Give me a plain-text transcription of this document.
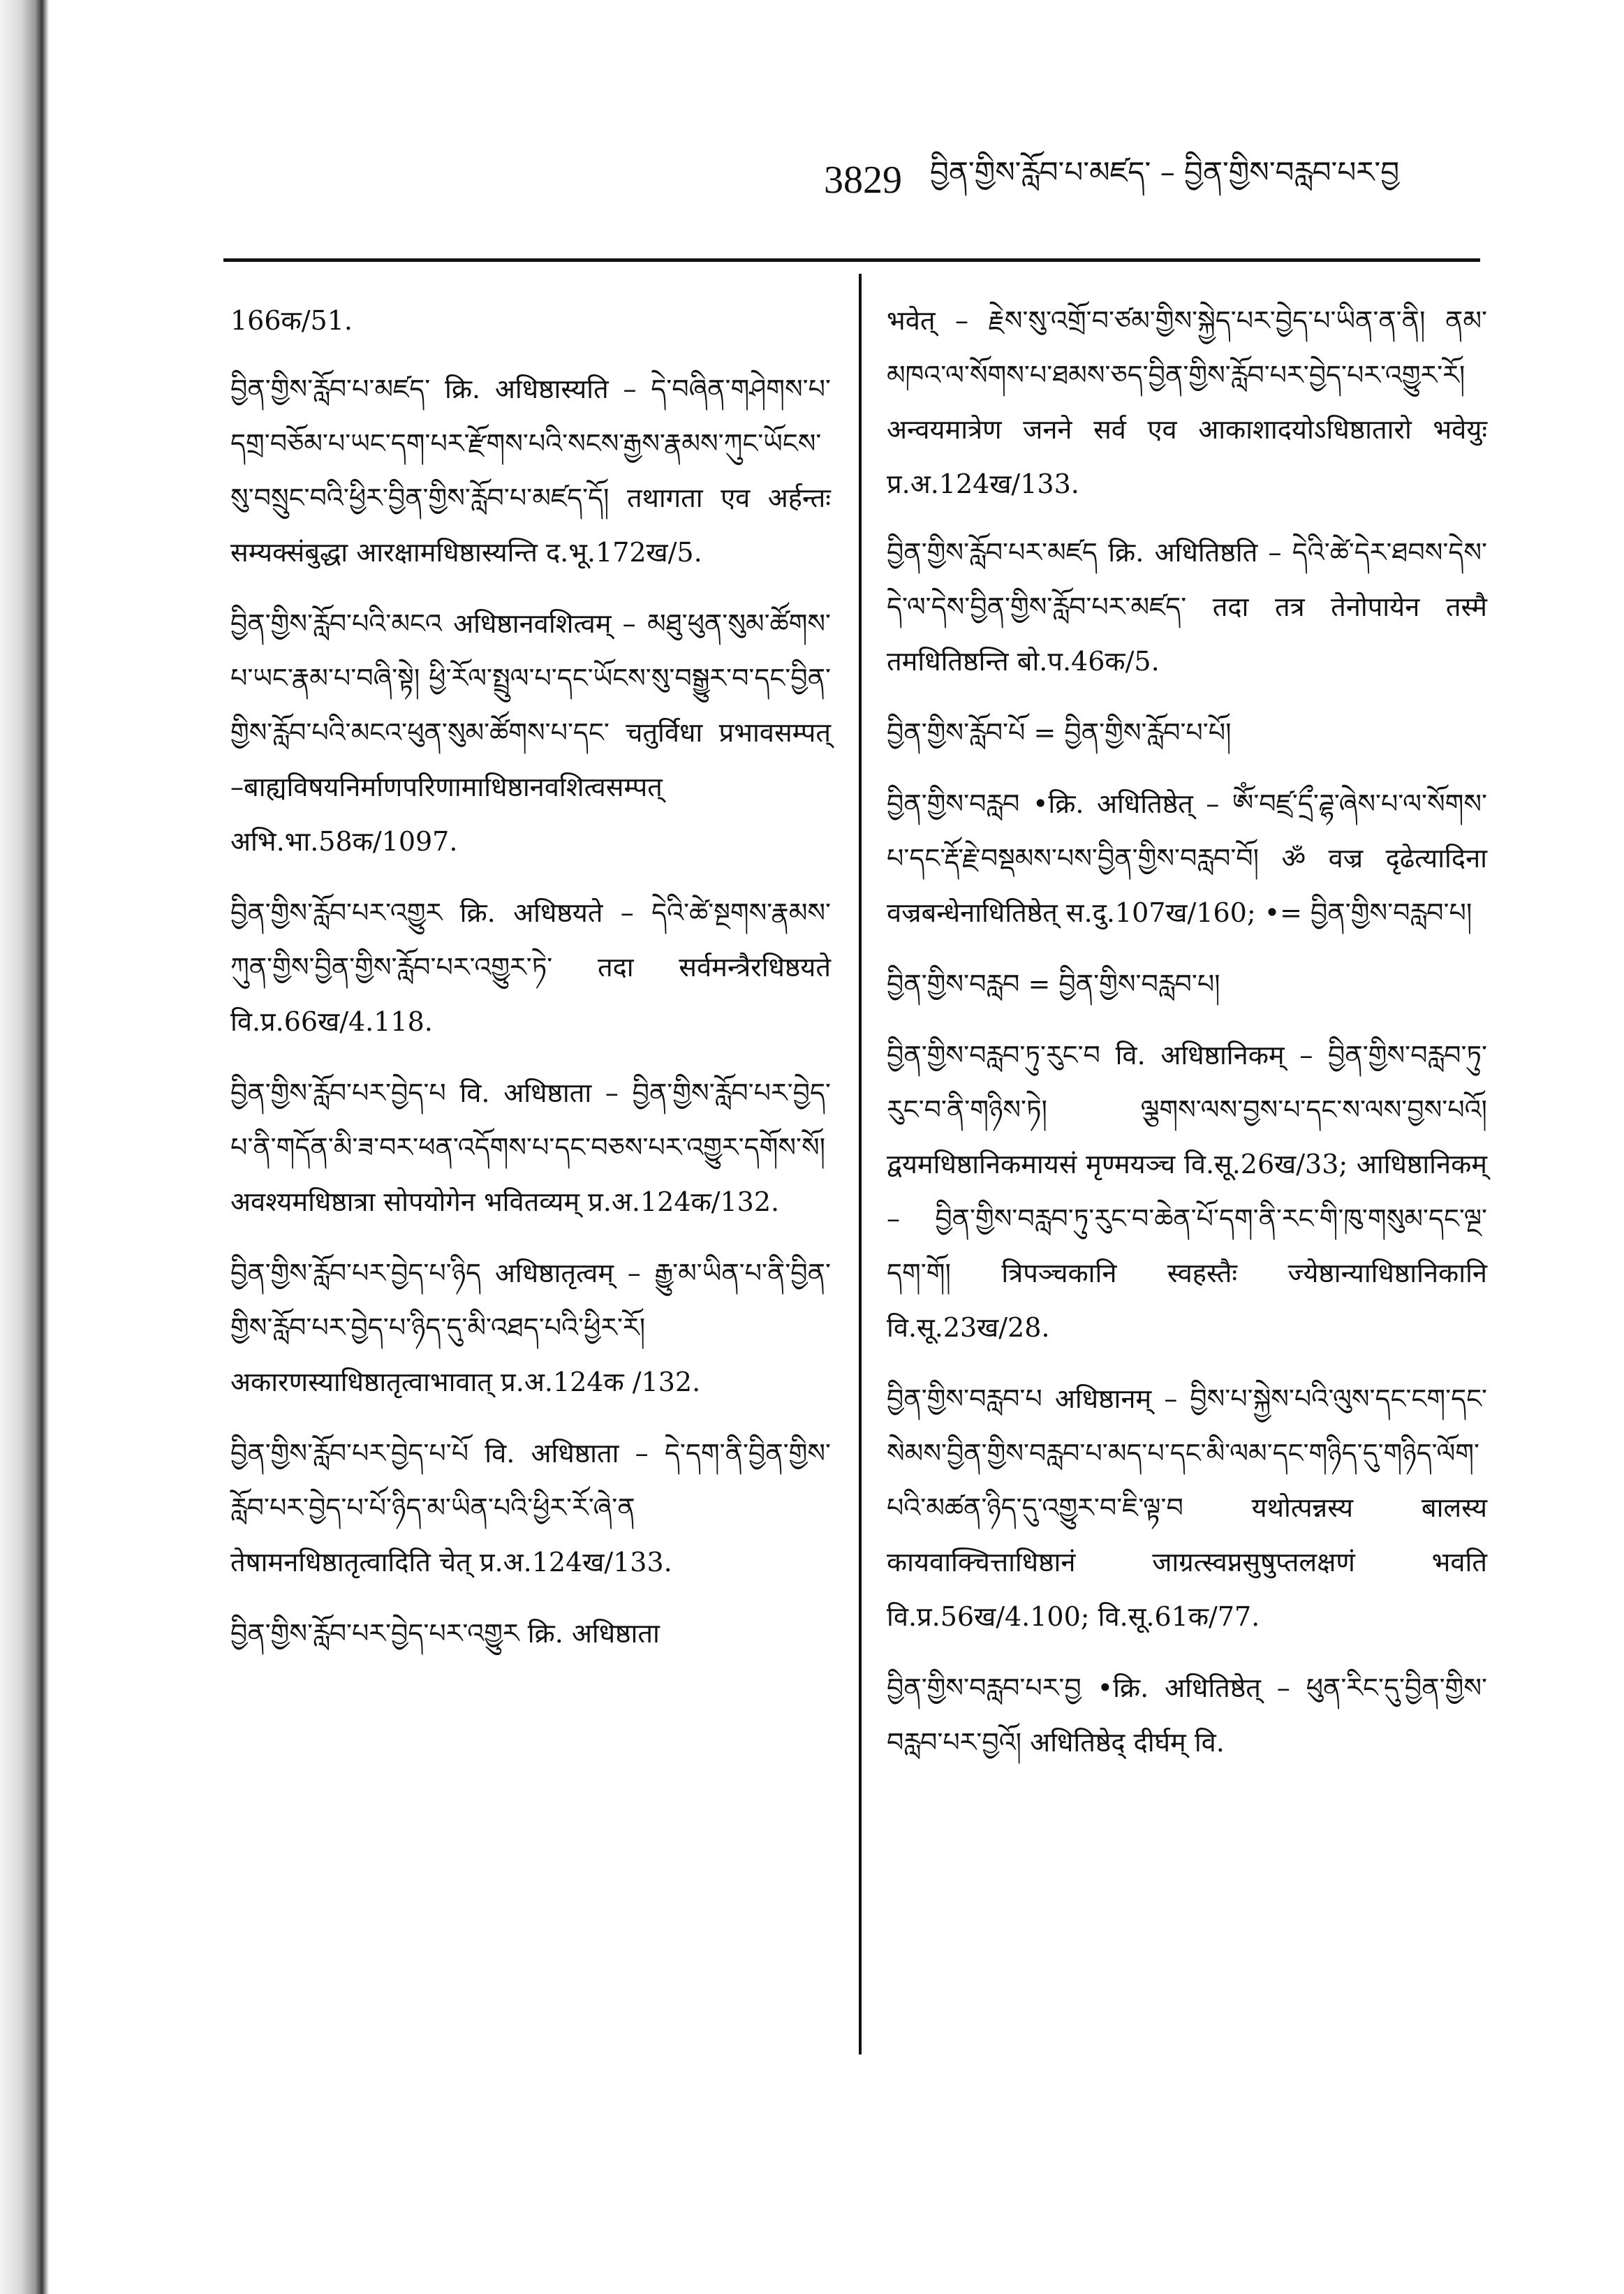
3829 བྱིན་གྱིས་རློབ་པ་མཛད་ – བྱིན་གྱིས་བརླབ་པར་བྱ

166क/51.

བྱིན་གྱིས་རློབ་པ་མཛད་ क्रि. अधिष्ठास्यति – དེ་བཞིན་གཤེགས་པ་དགྲ་བཅོམ་པ་ཡང་དག་པར་རྫོགས་པའི་སངས་རྒྱས་རྣམས་ཀུང་ཡོངས་སུ་བསྲུང་བའི་ཕྱིར་བྱིན་གྱིས་རློབ་པ་མཛད་དོ། तथागता एव अर्हन्तः सम्यक्संबुद्धा आरक्षामधिष्ठास्यन्ति द.भू.172ख/5.

བྱིན་གྱིས་རློབ་པའི་མངའ अधिष्ठानवशित्वम् – མཐུ་ཕུན་སུམ་ཚོགས་པ་ཡང་རྣམ་པ་བཞི་སྟེ། ཕྱི་རོལ་སྤྲུལ་པ་དང་ཡོངས་སུ་བསྒྱུར་བ་དང་བྱིན་གྱིས་རློབ་པའི་མངའ་ཕུན་སུམ་ཚོགས་པ་དང་ चतुर्विधा प्रभावसम्पत् –बाह्यविषयनिर्माणपरिणामाधिष्ठानवशित्वसम्पत् अभि.भा.58क/1097.

བྱིན་གྱིས་རློབ་པར་འགྱུར क्रि. अधिष्ठयते – དེའི་ཚེ་སྔགས་རྣམས་ཀུན་གྱིས་བྱིན་གྱིས་རློབ་པར་འགྱུར་ཏེ་ तदा सर्वमन्त्रैरधिष्ठयते वि.प्र.66ख/4.118.

བྱིན་གྱིས་རློབ་པར་བྱེད་པ वि. अधिष्ठाता – བྱིན་གྱིས་རློབ་པར་བྱེད་པ་ནི་གདོན་མི་ཟ་བར་ཕན་འདོགས་པ་དང་བཅས་པར་འགྱུར་དགོས་སོ། अवश्यमधिष्ठात्रा सोपयोगेन भवितव्यम् प्र.अ.124क/132.

བྱིན་གྱིས་རློབ་པར་བྱེད་པ་ཉིད अधिष्ठातृत्वम् – རྒྱུ་མ་ཡིན་པ་ནི་བྱིན་གྱིས་རློབ་པར་བྱེད་པ་ཉིད་དུ་མི་འཐད་པའི་ཕྱིར་རོ། अकारणस्याधिष्ठातृत्वाभावात् प्र.अ.124क /132.

བྱིན་གྱིས་རློབ་པར་བྱེད་པ་པོ वि. अधिष्ठाता – དེ་དག་ནི་བྱིན་གྱིས་རློབ་པར་བྱེད་པ་པོ་ཉིད་མ་ཡིན་པའི་ཕྱིར་རོ་ཞེ་ན तेषामनधिष्ठातृत्वादिति चेत् प्र.अ.124ख/133.

བྱིན་གྱིས་རློབ་པར་བྱེད་པར་འགྱུར क्रि. अधिष्ठाता

भवेत् – རྗེས་སུ་འགྲོ་བ་ཙམ་གྱིས་སྐྱེད་པར་བྱེད་པ་ཡིན་ན་ནི། ནམ་མཁའ་ལ་སོགས་པ་ཐམས་ཅད་བྱིན་གྱིས་རློབ་པར་བྱེད་པར་འགྱུར་རོ། अन्वयमात्रेण जनने सर्व एव आकाशादयोऽधिष्ठातारो भवेयुः प्र.अ.124ख/133.

བྱིན་གྱིས་རློབ་པར་མཛད क्रि. अधितिष्ठति – དེའི་ཚེ་དེར་ཐབས་དེས་དེ་ལ་དེས་བྱིན་གྱིས་རློབ་པར་མཛད་ तदा तत्र तेनोपायेन तस्मै तमधितिष्ठन्ति बो.प.46क/5.

བྱིན་གྱིས་རློབ་པོ = བྱིན་གྱིས་རློབ་པ་པོ།

བྱིན་གྱིས་བརླབ •क्रि. अधितिष्ठेत् – ཨོཾ་བཛྲ་དྲྀ་ཌྷ་ཞེས་པ་ལ་སོགས་པ་དང་རྡོ་རྗེ་བསྡམས་པས་བྱིན་གྱིས་བརླབ་བོ། ॐ वज्र दृढेत्यादिना वज्रबन्धेनाधितिष्ठेत् स.दु.107ख/160; •= བྱིན་གྱིས་བརླབ་པ།

བྱིན་གྱིས་བརླབ = བྱིན་གྱིས་བརླབ་པ།

བྱིན་གྱིས་བརླབ་ཏུ་རུང་བ वि. अधिष्ठानिकम् – བྱིན་གྱིས་བརླབ་ཏུ་རུང་བ་ནི་གཉིས་ཏེ། ལྕགས་ལས་བྱས་པ་དང་ས་ལས་བྱས་པའོ། द्वयमधिष्ठानिकमायसं मृण्मयञ्च वि.सू.26ख/33; आधिष्ठानिकम् – བྱིན་གྱིས་བརླབ་ཏུ་རུང་བ་ཆེན་པོ་དག་ནི་རང་གི་ཁུ་གསུམ་དང་ལྔ་དག་གོ། त्रिपञ्चकानि स्वहस्तैः ज्येष्ठान्याधिष्ठानिकानि वि.सू.23ख/28.

བྱིན་གྱིས་བརླབ་པ अधिष्ठानम् – བྱིས་པ་སྐྱེས་པའི་ལུས་དང་ངག་དང་སེམས་བྱིན་གྱིས་བརླབ་པ་མད་པ་དང་མི་ལམ་དང་གཉིད་དུ་གཉིད་ལོག་པའི་མཚན་ཉིད་དུ་འགྱུར་བ་ཇི་ལྟ་བ यथोत्पन्नस्य बालस्य कायवाक्चित्ताधिष्ठानं जाग्रत्स्वप्नसुषुप्तलक्षणं भवति वि.प्र.56ख/4.100; वि.सू.61क/77.

བྱིན་གྱིས་བརླབ་པར་བྱ •क्रि. अधितिष्ठेत् – ཕུན་རིང་དུ་བྱིན་གྱིས་བརླབ་པར་བྱའོ། अधितिष्ठेद् दीर्घम् वि.
